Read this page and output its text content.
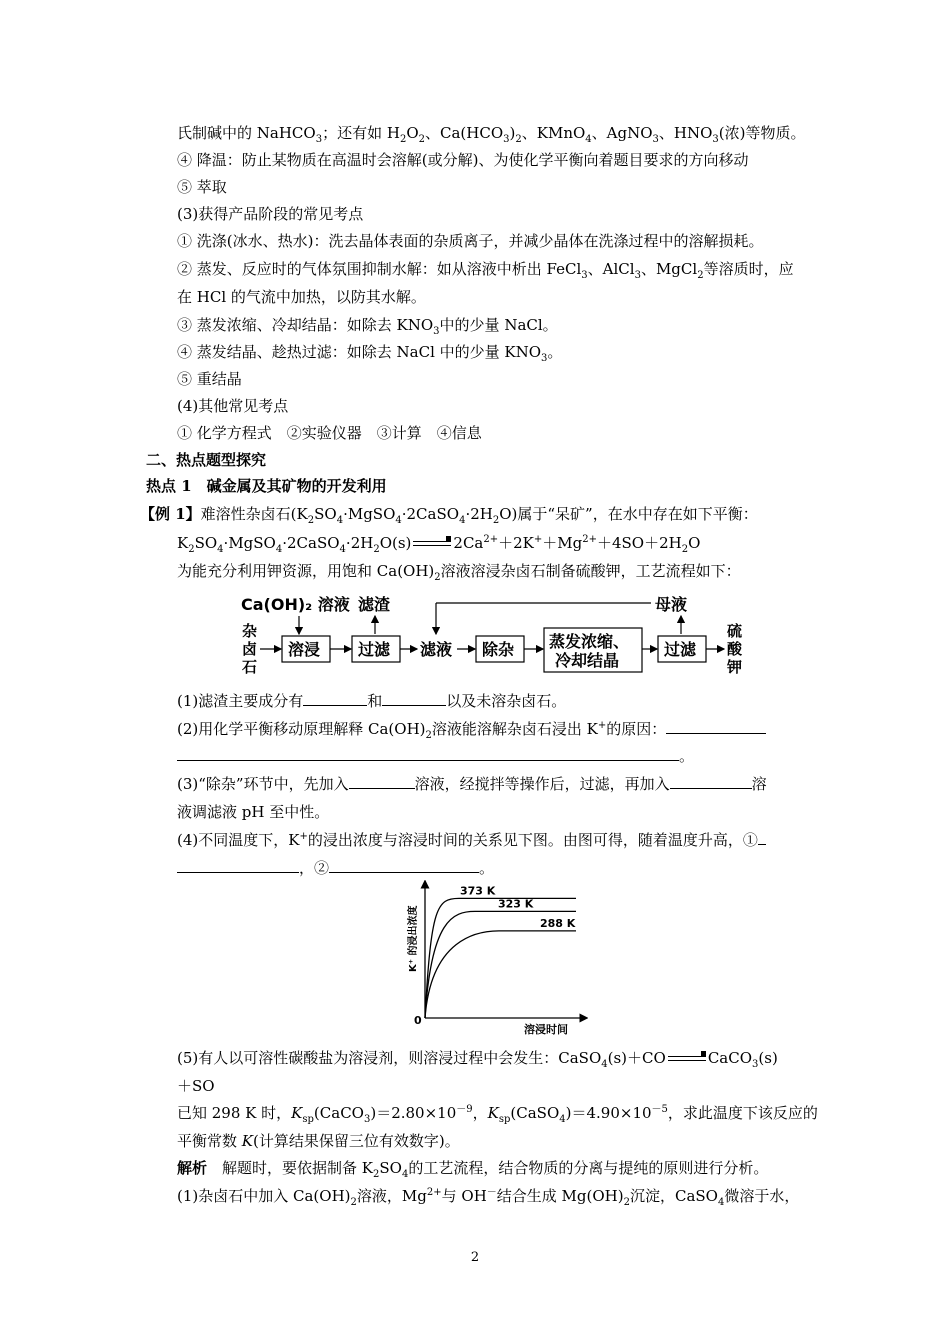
氏制碱中的 NaHCO$_3$；还有如 $H_2O_2$、$Ca(HCO_3)_2$、KMnO$_4$、AgNO$_3$、$HNO_3$(浓)等物质。
④ 降温：防止某物质在高温时会溶解(或分解)、为使化学平衡向着题目要求的方向移动
⑤ 萃取
(3)获得产品阶段的常见考点
① 洗涤(冰水、热水)：洗去晶体表面的杂质离子，并减少晶体在洗涤过程中的溶解损耗。
② 蒸发、反应时的气体氛围抑制水解：如从溶液中析出 FeCl$_3$、AlCl$_3$、MgCl$_2$等溶质时，应
在 HCl 的气流中加热，以防其水解。
③ 蒸发浓缩、冷却结晶：如除去 $KNO_3$中的少量 NaCl。
④ 蒸发结晶、趁热过滤：如除去 NaCl 中的少量 $KNO_3$。
⑤ 重结晶
(4)其他常见考点
① 化学方程式　②实验仪器　③计算　④信息
二、热点题型探究
热点 1　碱金属及其矿物的开发利用
【例 1】难溶性杂卤石$(K_2SO_4\cdot MgSO_4\cdot 2CaSO_4\cdot 2H_2O)$属于“呆矿”，在水中存在如下平衡：
$K_2SO_4\cdot MgSO_4\cdot 2CaSO_4\cdot 2H_2O(s) \to 2Ca^{2+}+2K^++Mg^{2+}+4SO+2H_2O$
为能充分利用钾资源，用饱和 $Ca(OH)_2$溶液溶浸杂卤石制备硫酸钾，工艺流程如下：
Ca(OH)₂ 溶液 滤渣	母液
杂
卤
石
溶浸 过滤 滤液 除杂 蒸发浓缩、
冷却结晶
过滤
硫
酸
钾
(1)滤渣主要成分有	和	以及未溶杂卤石。
(2)用化学平衡移动原理解释 $Ca(OH)_2$溶液能溶解杂卤石浸出 K+的原因：
。
(3)“除杂”环节中，先加入	溶液，经搅拌等操作后，过滤，再加入	溶
液调滤液 pH 至中性。
(4)不同温度下，K+的浸出浓度与溶浸时间的关系见下图。由图可得，随着温度升高，①
，②	。
K⁺ 的浸出浓度
0
溶浸时间
373 K
323 K
288 K
(5)有人以可溶性碳酸盐为溶浸剂，则溶浸过程中会发生：CaSO$_4$(s)＋CO → CaCO$_3$(s)
＋SO
已知 298 K 时，$K_{sp}(CaCO_3)=2.80\times 10^{-9}$，$K_{sp}(CaSO_4)=4.90\times 10^{-5}$，求此温度下该反应的
平衡常数 K(计算结果保留三位有效数字)。
解析　解题时，要依据制备 $K_2SO_4$的工艺流程，结合物质的分离与提纯的原则进行分析。
(1)杂卤石中加入 $Ca(OH)_2$溶液，$Mg^{2+}$与 OH－结合生成 $Mg(OH)_2$沉淀，CaSO$_4$微溶于水，
2
